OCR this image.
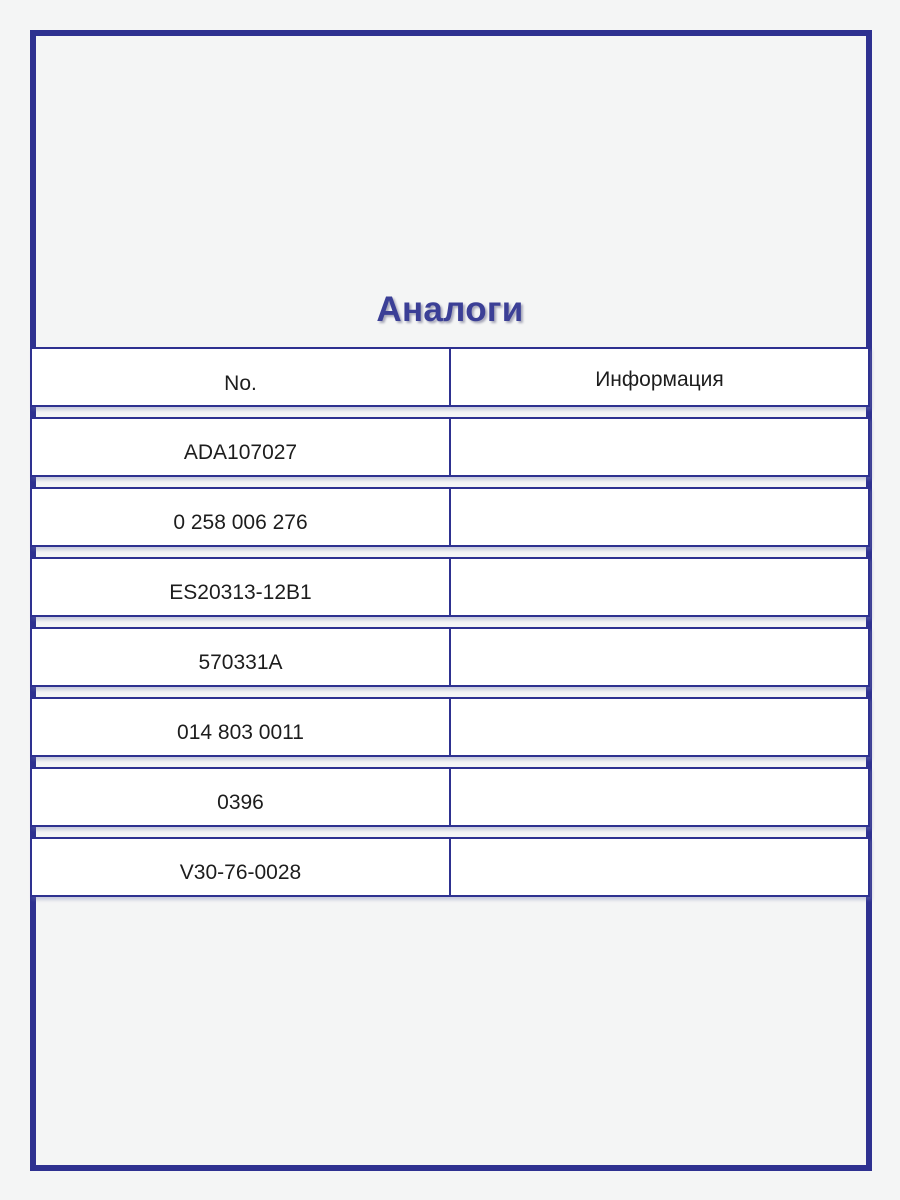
Аналоги
No.	Информация
ADA107027
0 258 006 276
ES20313-12B1
570331A
014 803 0011
0396
V30-76-0028
